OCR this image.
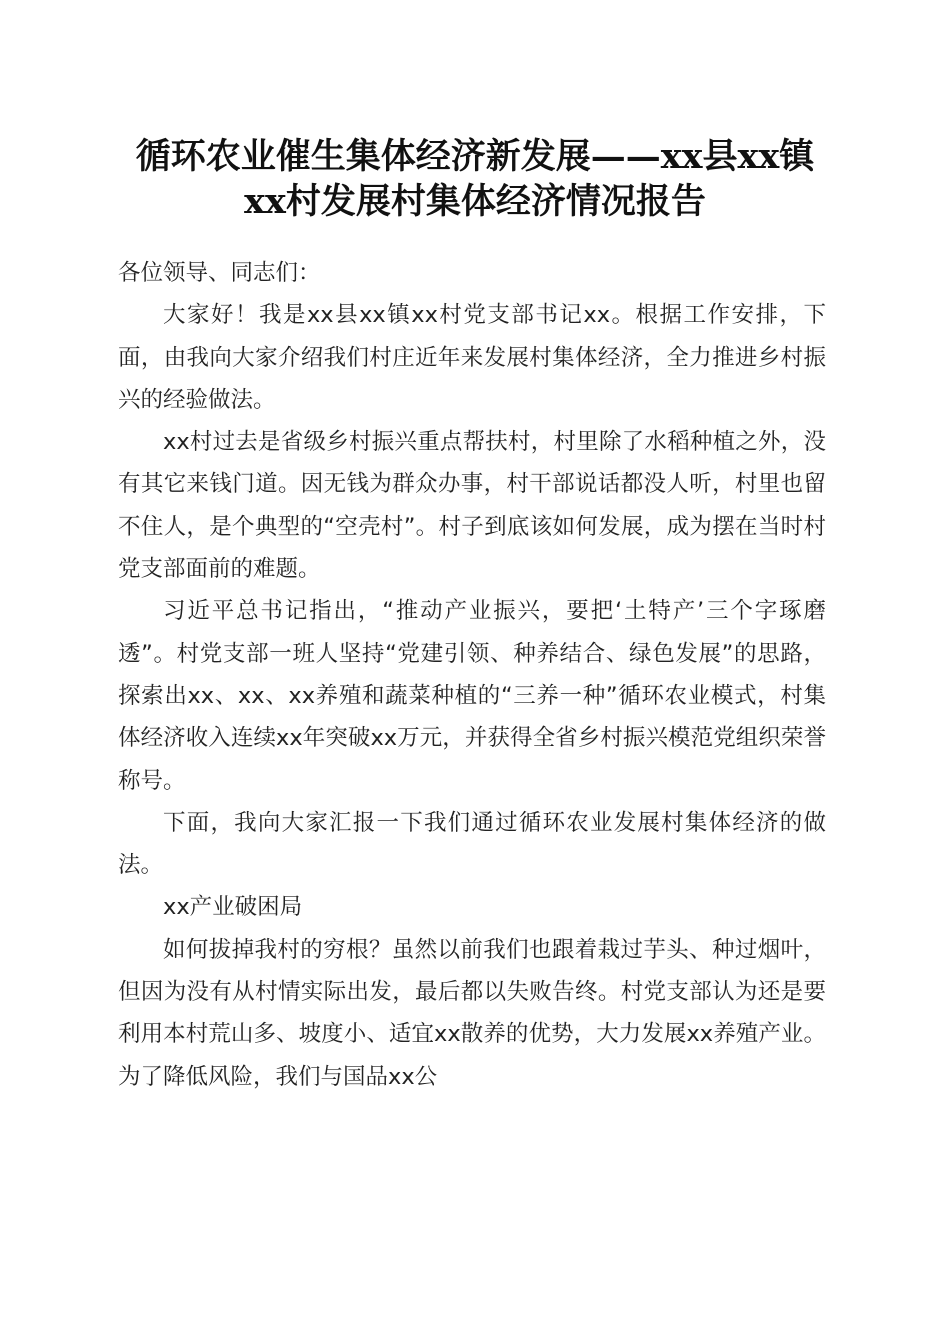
循环农业催生集体经济新发展——xx县xx镇
xx村发展村集体经济情况报告

各位领导、同志们：

大家好！我是xx县xx镇xx村党支部书记xx。根据工作安排，下面，由我向大家介绍我们村庄近年来发展村集体经济，全力推进乡村振兴的经验做法。

xx村过去是省级乡村振兴重点帮扶村，村里除了水稻种植之外，没有其它来钱门道。因无钱为群众办事，村干部说话都没人听，村里也留不住人，是个典型的“空壳村”。村子到底该如何发展，成为摆在当时村党支部面前的难题。

习近平总书记指出，“推动产业振兴，要把‘土特产’三个字琢磨透”。村党支部一班人坚持“党建引领、种养结合、绿色发展”的思路，探索出xx、xx、xx养殖和蔬菜种植的“三养一种”循环农业模式，村集体经济收入连续xx年突破xx万元，并获得全省乡村振兴模范党组织荣誉称号。

下面，我向大家汇报一下我们通过循环农业发展村集体经济的做法。

xx产业破困局

如何拔掉我村的穷根？虽然以前我们也跟着栽过芋头、种过烟叶，但因为没有从村情实际出发，最后都以失败告终。村党支部认为还是要利用本村荒山多、坡度小、适宜xx散养的优势，大力发展xx养殖产业。为了降低风险，我们与国品xx公
